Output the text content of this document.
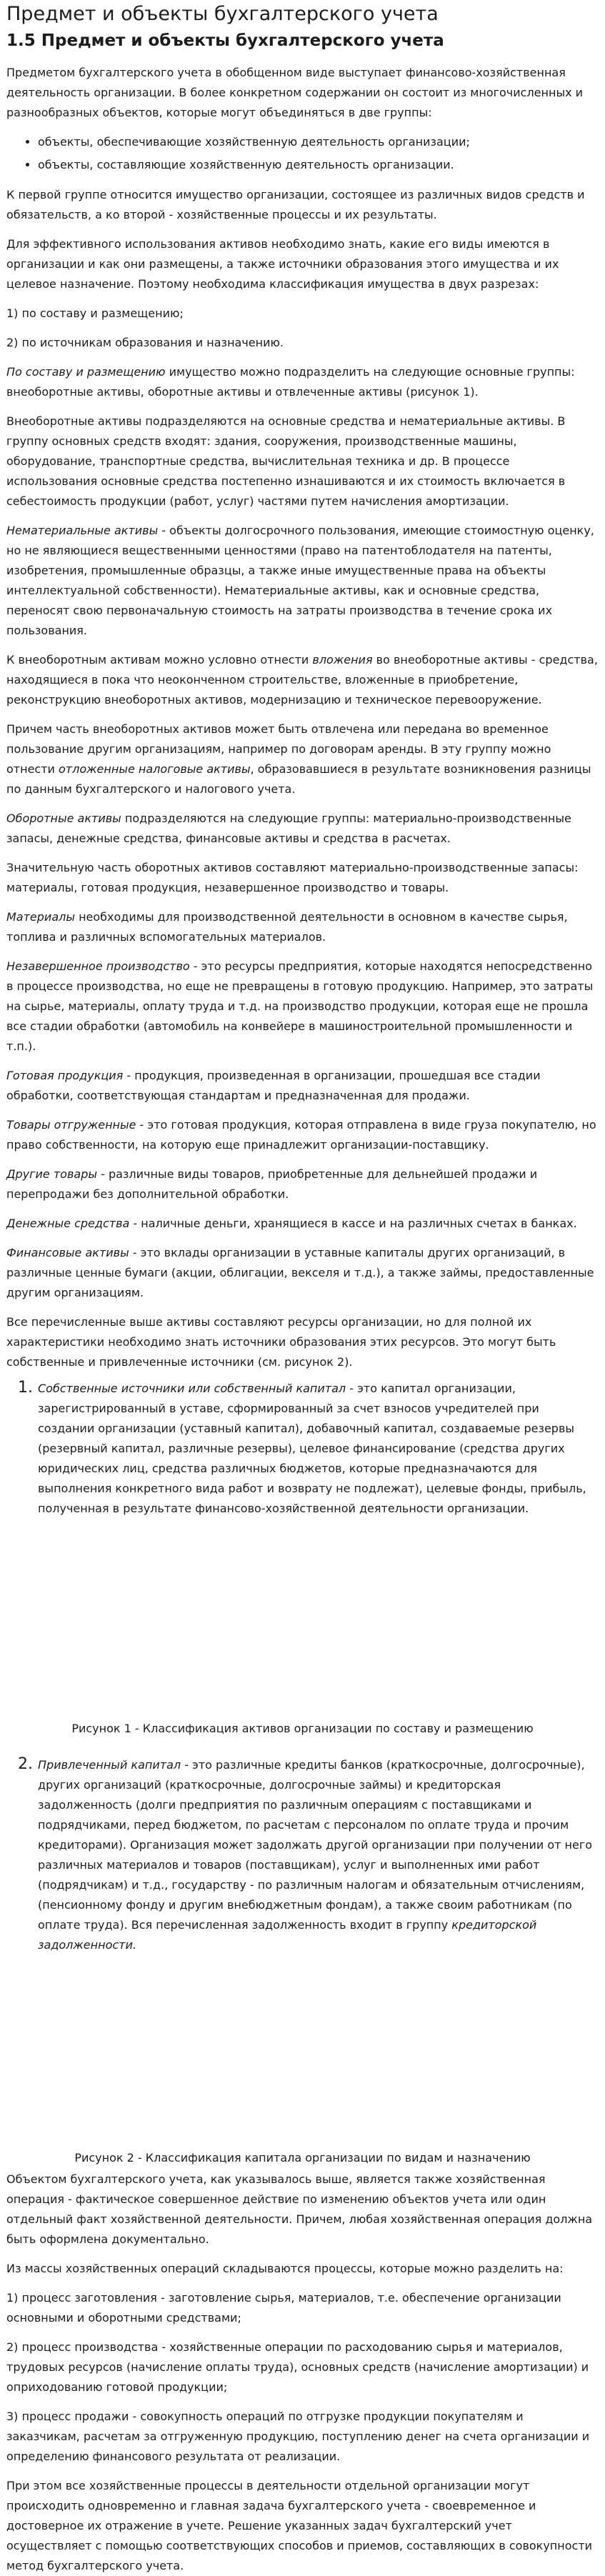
Предмет и объекты бухгалтерского учета
1.5 Предмет и объекты бухгалтерского учета

Предметом бухгалтерского учета в обобщенном виде выступает финансово-хозяйственная деятельность организации. В более конкретном содержании он состоит из многочисленных и разнообразных объектов, которые могут объединяться в две группы:

• объекты, обеспечивающие хозяйственную деятельность организации;
• объекты, составляющие хозяйственную деятельность организации.

К первой группе относится имущество организации, состоящее из различных видов средств и обязательств, а ко второй - хозяйственные процессы и их результаты.

Для эффективного использования активов необходимо знать, какие его виды имеются в организации и как они размещены, а также источники образования этого имущества и их целевое назначение. Поэтому необходима классификация имущества в двух разрезах:

1) по составу и размещению;

2) по источникам образования и назначению.

По составу и размещению имущество можно подразделить на следующие основные группы: внеоборотные активы, оборотные активы и отвлеченные активы (рисунок 1).

Внеоборотные активы подразделяются на основные средства и нематериальные активы. В группу основных средств входят: здания, сооружения, производственные машины, оборудование, транспортные средства, вычислительная техника и др. В процессе использования основные средства постепенно изнашиваются и их стоимость включается в себестоимость продукции (работ, услуг) частями путем начисления амортизации.

Нематериальные активы - объекты долгосрочного пользования, имеющие стоимостную оценку, но не являющиеся вещественными ценностями (право на патентоблодателя на патенты, изобретения, промышленные образцы, а также иные имущественные права на объекты интеллектуальной собственности). Нематериальные активы, как и основные средства, переносят свою первоначальную стоимость на затраты производства в течение срока их пользования.

К внеоборотным активам можно условно отнести вложения во внеоборотные активы - средства, находящиеся в пока что неоконченном строительстве, вложенные в приобретение, реконструкцию внеоборотных активов, модернизацию и техническое перевооружение.

Причем часть внеоборотных активов может быть отвлечена или передана во временное пользование другим организациям, например по договорам аренды. В эту группу можно отнести отложенные налоговые активы, образовавшиеся в результате возникновения разницы по данным бухгалтерского и налогового учета.

Оборотные активы подразделяются на следующие группы: материально-производственные запасы, денежные средства, финансовые активы и средства в расчетах.

Значительную часть оборотных активов составляют материально-производственные запасы: материалы, готовая продукция, незавершенное производство и товары.

Материалы необходимы для производственной деятельности в основном в качестве сырья, топлива и различных вспомогательных материалов.

Незавершенное производство - это ресурсы предприятия, которые находятся непосредственно в процессе производства, но еще не превращены в готовую продукцию. Например, это затраты на сырье, материалы, оплату труда и т.д. на производство продукции, которая еще не прошла все стадии обработки (автомобиль на конвейере в машиностроительной промышленности и т.п.).

Готовая продукция - продукция, произведенная в организации, прошедшая все стадии обработки, соответствующая стандартам и предназначенная для продажи.

Товары отгруженные - это готовая продукция, которая отправлена в виде груза покупателю, но право собственности, на которую еще принадлежит организации-поставщику.

Другие товары - различные виды товаров, приобретенные для дельнейшей продажи и перепродажи без дополнительной обработки.

Денежные средства - наличные деньги, хранящиеся в кассе и на различных счетах в банках.

Финансовые активы - это вклады организации в уставные капиталы других организаций, в различные ценные бумаги (акции, облигации, векселя и т.д.), а также займы, предоставленные другим организациям.

Все перечисленные выше активы составляют ресурсы организации, но для полной их характеристики необходимо знать источники образования этих ресурсов. Это могут быть собственные и привлеченные источники (см. рисунок 2).

1. Собственные источники или собственный капитал - это капитал организации, зарегистрированный в уставе, сформированный за счет взносов учредителей при создании организации (уставный капитал), добавочный капитал, создаваемые резервы (резервный капитал, различные резервы), целевое финансирование (средства других юридических лиц, средства различных бюджетов, которые предназначаются для выполнения конкретного вида работ и возврату не подлежат), целевые фонды, прибыль, полученная в результате финансово-хозяйственной деятельности организации.
Рисунок 1 - Классификация активов организации по составу и размещению
2. Привлеченный капитал - это различные кредиты банков (краткосрочные, долгосрочные), других организаций (краткосрочные, долгосрочные займы) и кредиторская задолженность (долги предприятия по различным операциям с поставщиками и подрядчиками, перед бюджетом, по расчетам с персоналом по оплате труда и прочим кредиторами). Организация может задолжать другой организации при получении от него различных материалов и товаров (поставщикам), услуг и выполненных ими работ (подрядчикам) и т.д., государству - по различным налогам и обязательным отчислениям, (пенсионному фонду и другим внебюджетным фондам), а также своим работникам (по оплате труда). Вся перечисленная задолженность входит в группу кредиторской задолженности.
Рисунок 2 - Классификация капитала организации по видам и назначению

Объектом бухгалтерского учета, как указывалось выше, является также хозяйственная операция - фактическое совершенное действие по изменению объектов учета или один отдельный факт хозяйственной деятельности. Причем, любая хозяйственная операция должна быть оформлена документально.

Из массы хозяйственных операций складываются процессы, которые можно разделить на:

1) процесс заготовления - заготовление сырья, материалов, т.е. обеспечение организации основными и оборотными средствами;

2) процесс производства - хозяйственные операции по расходованию сырья и материалов, трудовых ресурсов (начисление оплаты труда), основных средств (начисление амортизации) и оприходованию готовой продукции;

3) процесс продажи - совокупность операций по отгрузке продукции покупателям и заказчикам, расчетам за отгруженную продукцию, поступлению денег на счета организации и определению финансового результата от реализации.

При этом все хозяйственные процессы в деятельности отдельной организации могут происходить одновременно и главная задача бухгалтерского учета - своевременное и достоверное их отражение в учете. Решение указанных задач бухгалтерский учет осуществляет с помощью соответствующих способов и приемов, составляющих в совокупности метод бухгалтерского учета.
